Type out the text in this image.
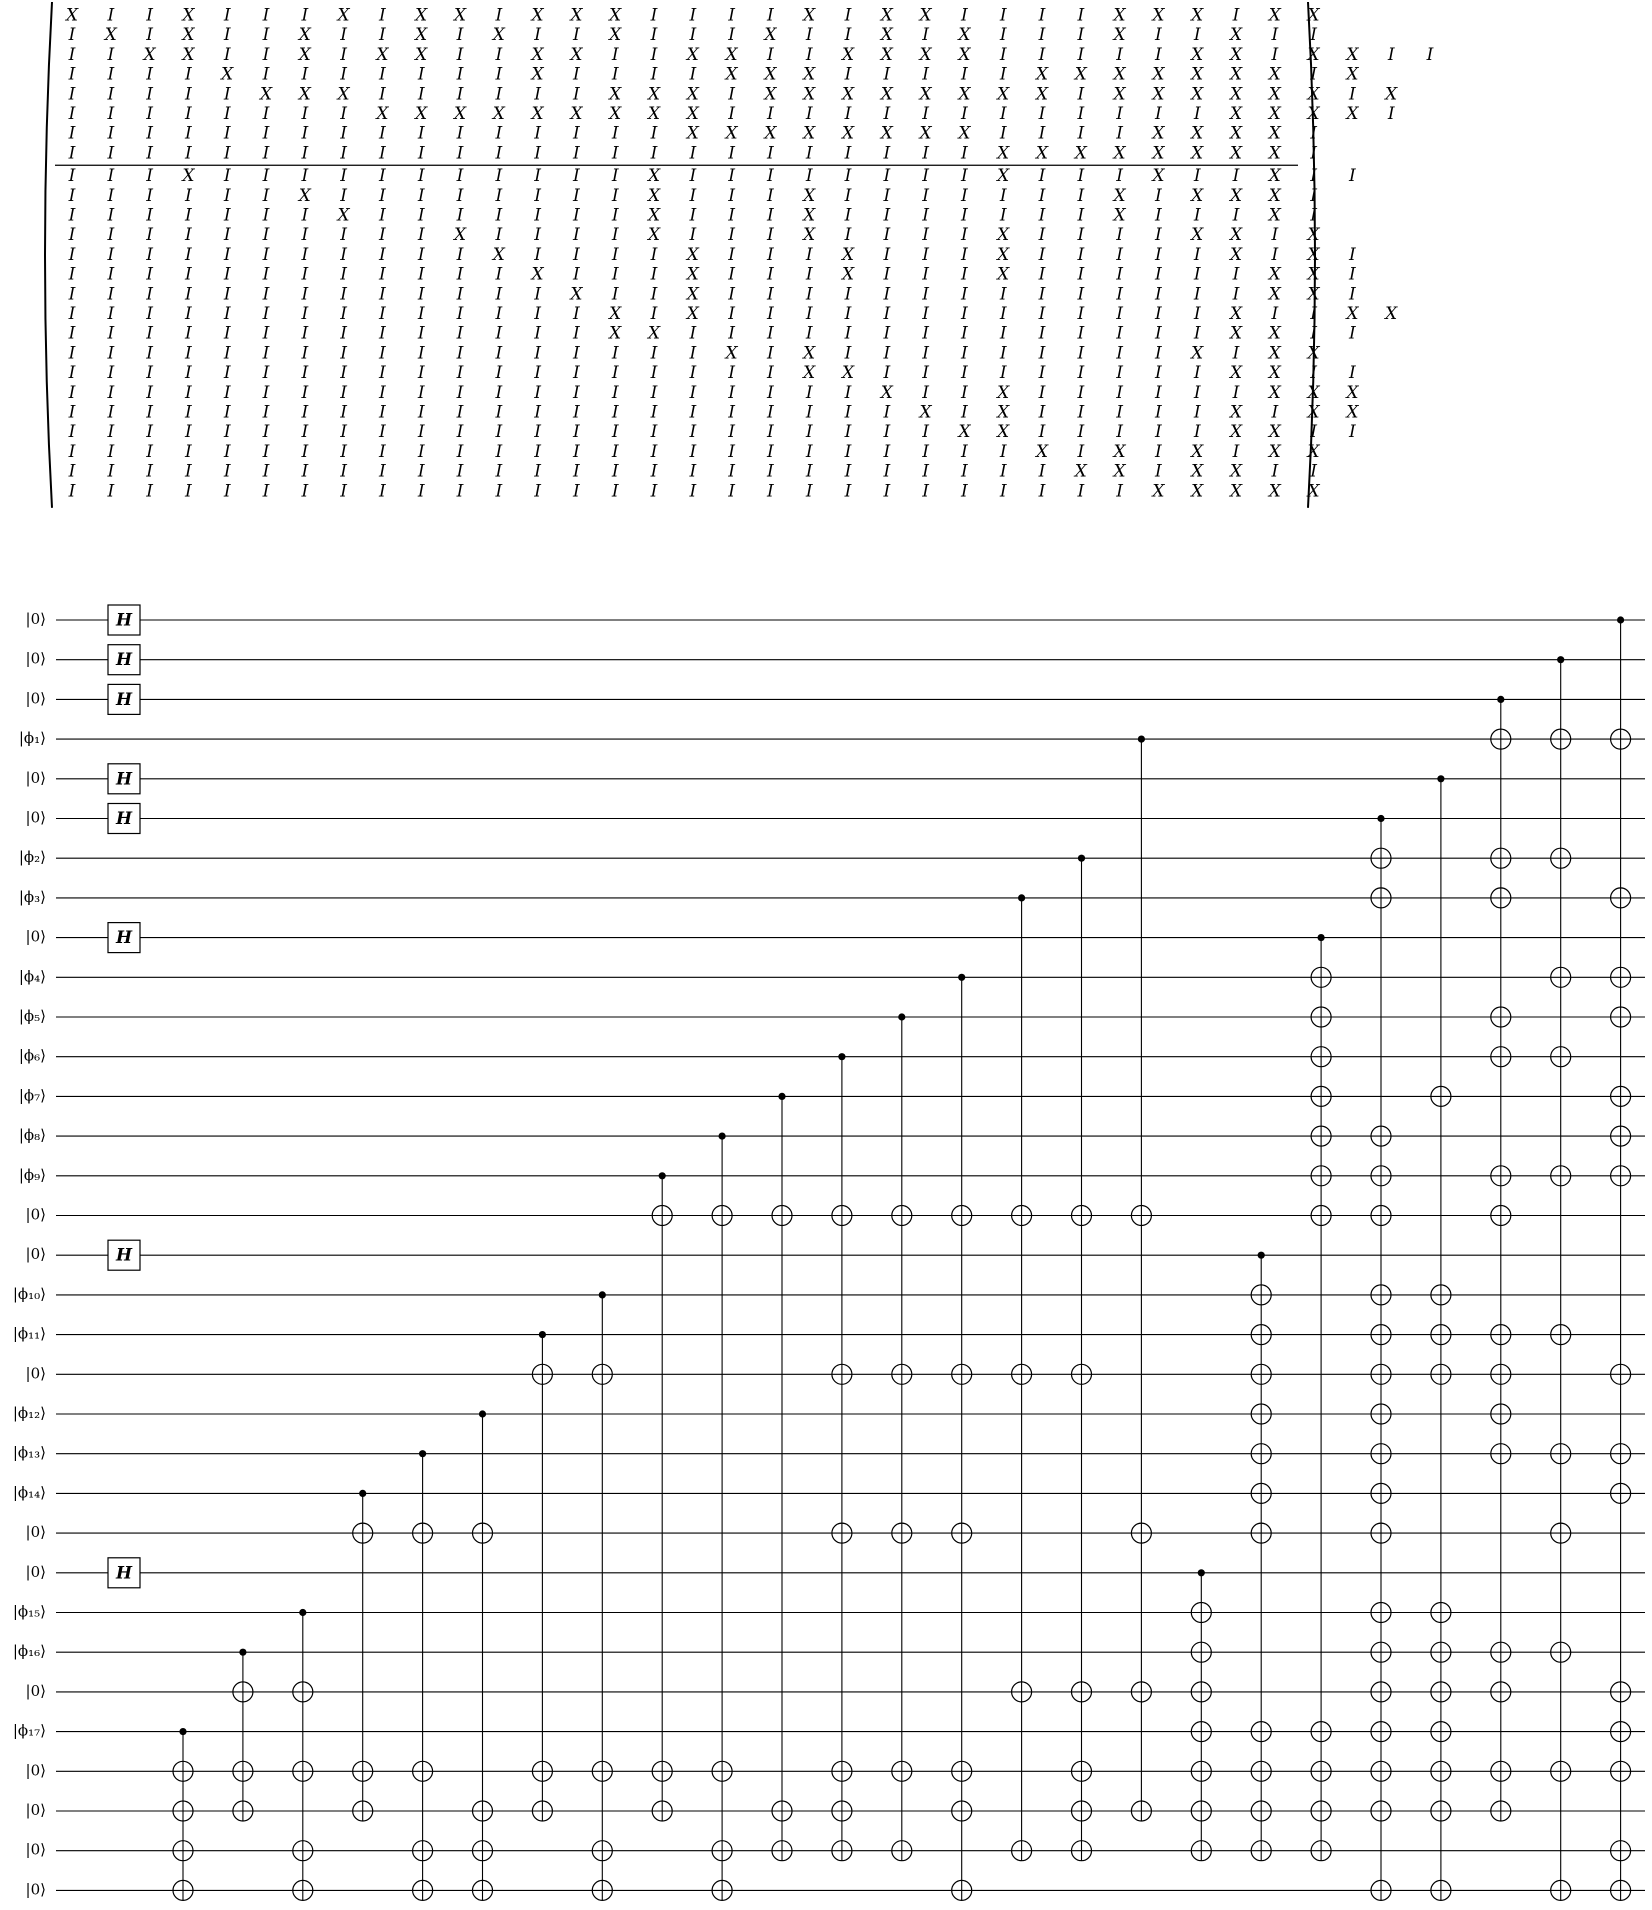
X I I X I I I X I X X I X X X I I I I X I X X I I I I X X X I X X
I X I X I I X I I X I X I I X I I I X I I X I X I I I X I I X I I
I I X X I I X I X X I I X X I I X X I I X X X X I I I I I X X I X X I I
I I I I X I I I I I I I X I I I I X X X I I I I I X X X X X X X I X
I I I I I X X X I I I I I I X X X I X X X X X X X X I X X X X X X I X
I I I I I I I I X X X X X X X X X I I I I I I I I I I I I I X X X X I
I I I I I I I I I I I I I I I I X X X X X X X X I I I I X X X X I
I I I I I I I I I I I I I I I I I I I I I I I I X X X X X X X X I
I I I X I I I I I I I I I I I X I I I I I I I I X I I I X I I X I I
I I I I I I X I I I I I I I I X I I I X I I I I I I I X I X X X I
I I I I I I I X I I I I I I I X I I I X I I I I I I I X I I I X I
I I I I I I I I I I X I I I I X I I I X I I I I X I I I I X X I X
I I I I I I I I I I I X I I I I X I I I X I I I X I I I I I X I X I
I I I I I I I I I I I I X I I I X I I I X I I I X I I I I I I X X I
I I I I I I I I I I I I I X I I X I I I I I I I I I I I I I I X X I
I I I I I I I I I I I I I I X I X I I I I I I I I I I I I I X I I X X
I I I I I I I I I I I I I I X X I I I I I I I I I I I I I I X X I I
I I I I I I I I I I I I I I I I I X I X I I I I I I I I I X I X X
I I I I I I I I I I I I I I I I I I I X X I I I I I I I I I X X I I
I I I I I I I I I I I I I I I I I I I I I X I I X I I I I I I X X X
I I I I I I I I I I I I I I I I I I I I I I X I X I I I I I X I X X
I I I I I I I I I I I I I I I I I I I I I I I X X I I I I I X X I I
I I I I I I I I I I I I I I I I I I I I I I I I I X I X I X I X X
I I I I I I I I I I I I I I I I I I I I I I I I I I X X I X X I I
I I I I I I I I I I I I I I I I I I I I I I I I I I I I X X X X X
H
H
H
H
H
H
H
H
|0⟩
|0⟩
|0⟩
|ϕ₁⟩
|0⟩
|0⟩
|ϕ₂⟩
|ϕ₃⟩
|0⟩
|ϕ₄⟩
|ϕ₅⟩
|ϕ₆⟩
|ϕ₇⟩
|ϕ₈⟩
|ϕ₉⟩
|0⟩
|0⟩
|ϕ₁₀⟩
|ϕ₁₁⟩
|0⟩
|ϕ₁₂⟩
|ϕ₁₃⟩
|ϕ₁₄⟩
|0⟩
|0⟩
|ϕ₁₅⟩
|ϕ₁₆⟩
|0⟩
|ϕ₁₇⟩
|0⟩
|0⟩
|0⟩
|0⟩
